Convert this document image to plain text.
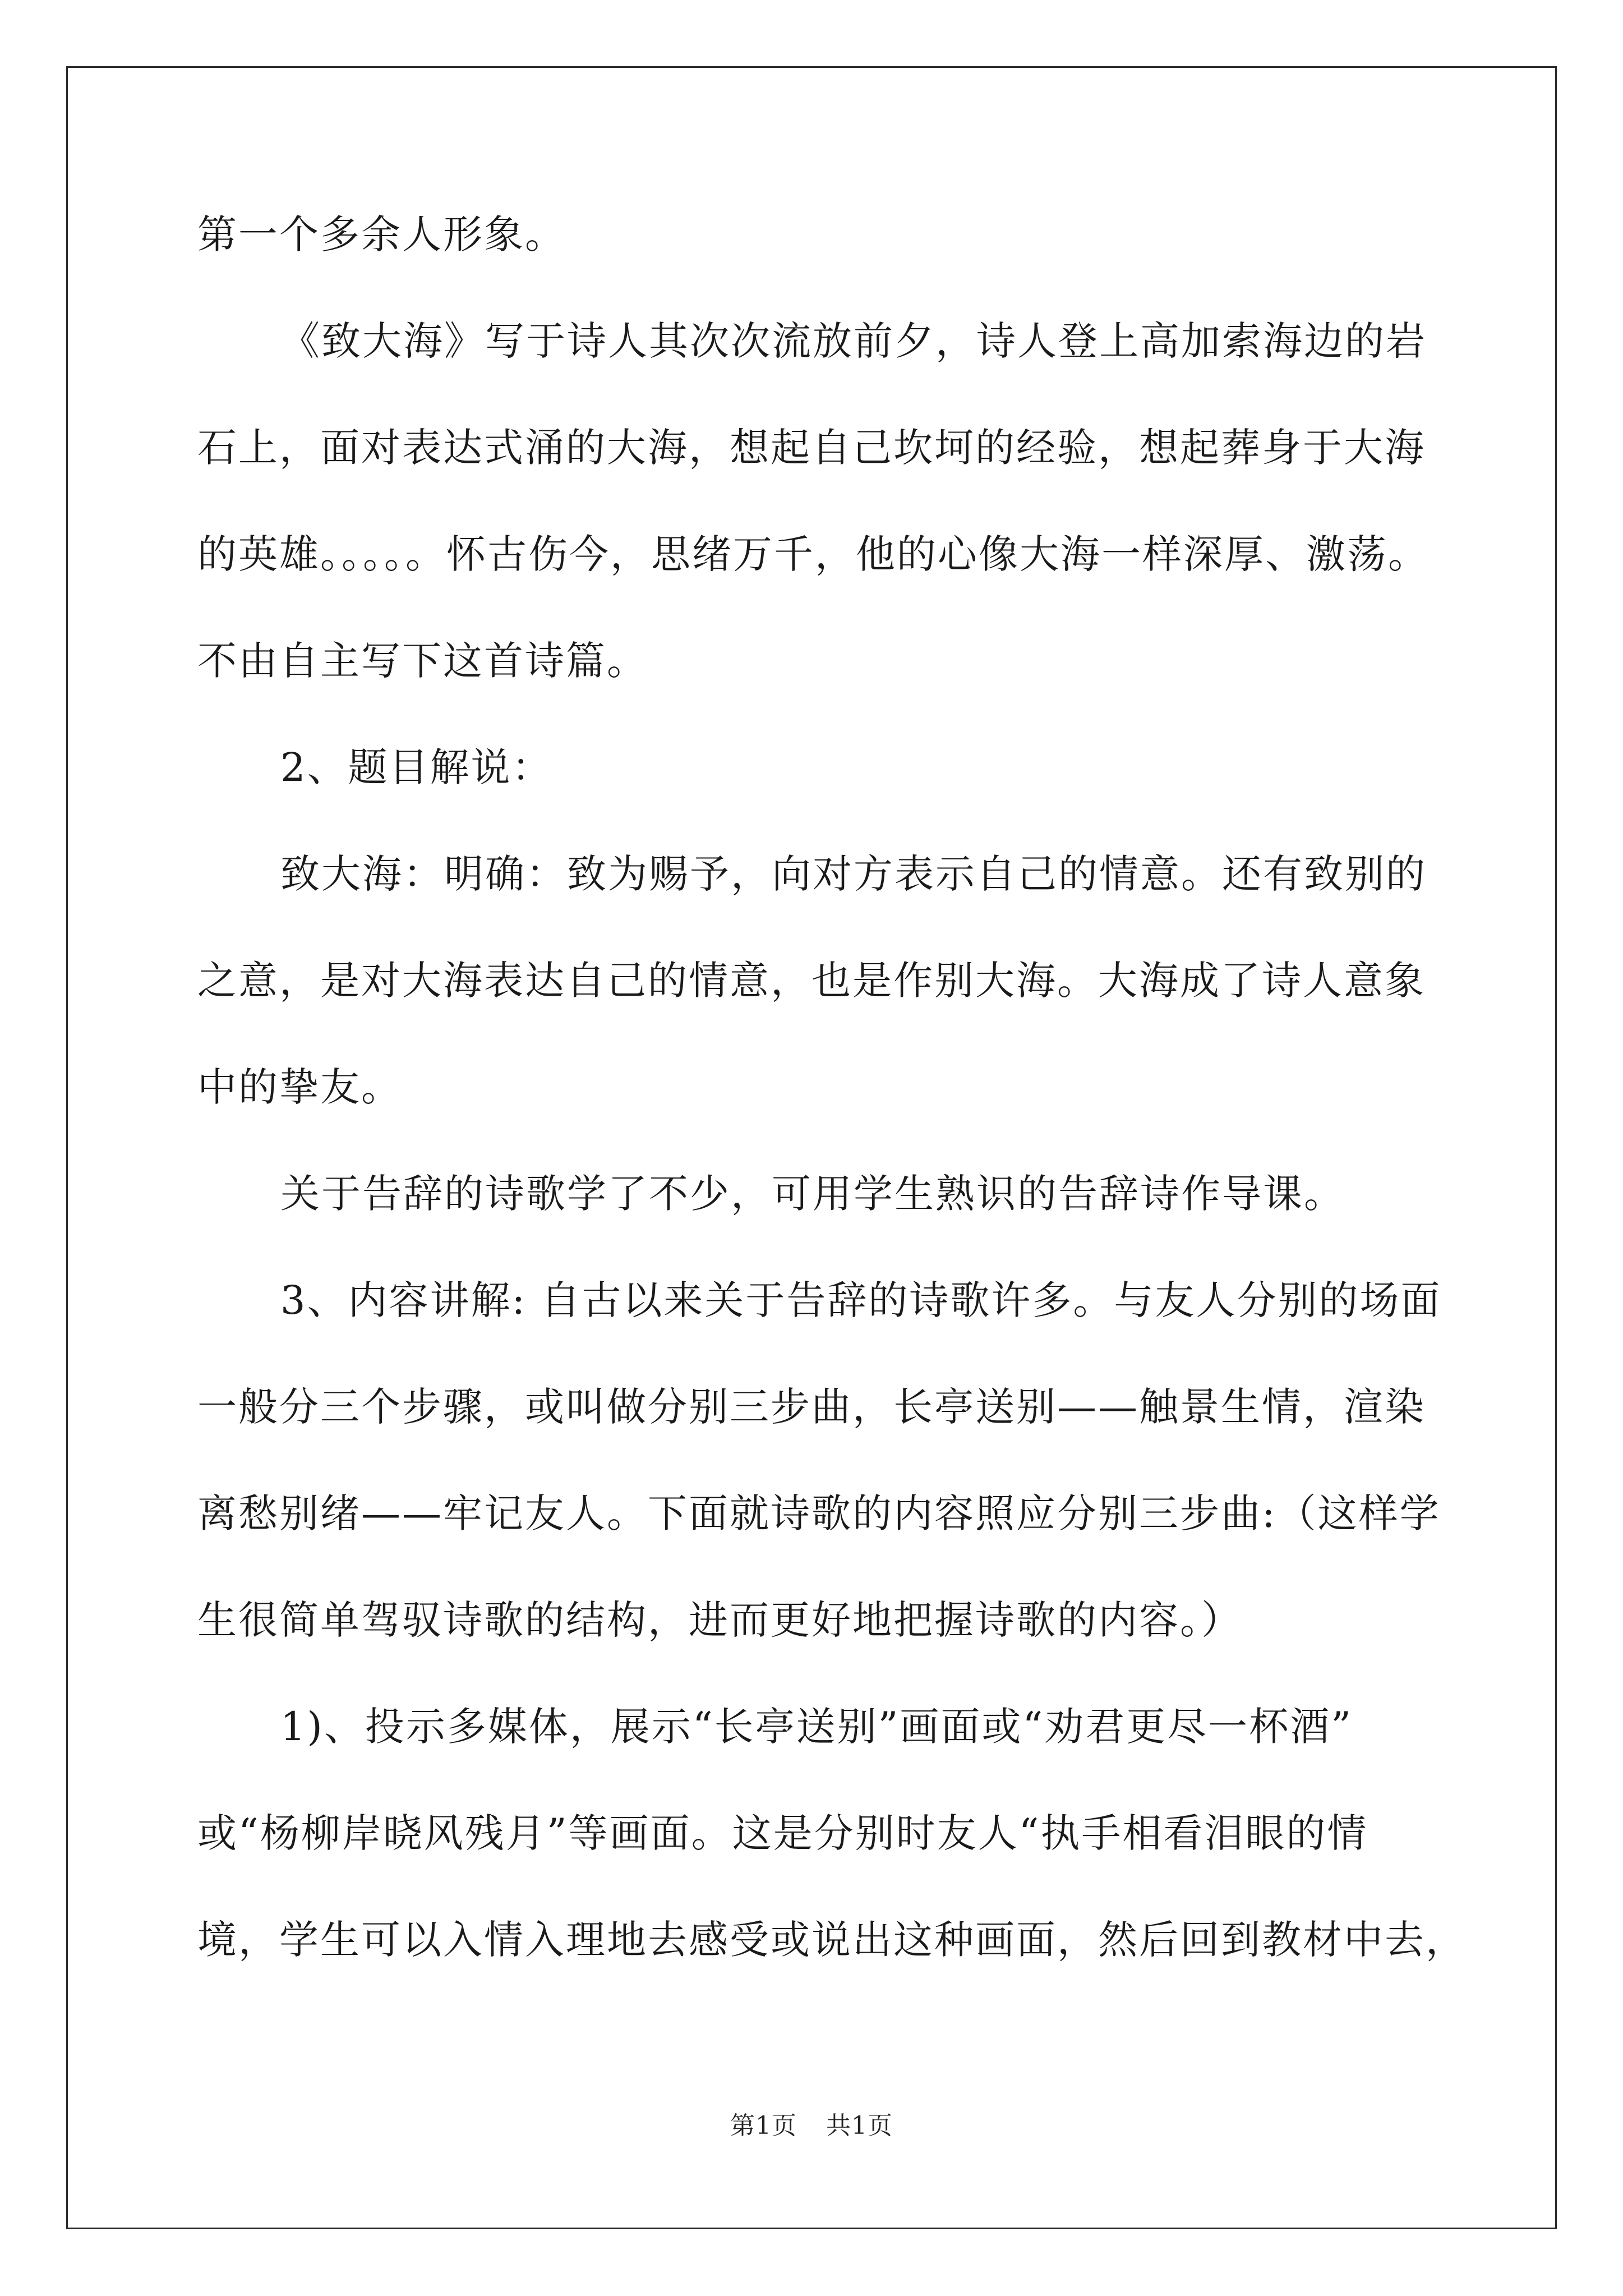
第一个多余人形象。

《致大海》写于诗人其次次流放前夕，诗人登上高加索海边的岩

石上，面对表达式涌的大海，想起自己坎坷的经验，想起葬身于大海

的英雄。。。。。怀古伤今，思绪万千，他的心像大海一样深厚、激荡。

不由自主写下这首诗篇。

2、题目解说：

致大海：明确：致为赐予，向对方表示自己的情意。还有致别的

之意，是对大海表达自己的情意，也是作别大海。大海成了诗人意象

中的挚友。

关于告辞的诗歌学了不少，可用学生熟识的告辞诗作导课。

3、内容讲解: 自古以来关于告辞的诗歌许多。与友人分别的场面

一般分三个步骤，或叫做分别三步曲，长亭送别——触景生情，渲染

离愁别绪——牢记友人。下面就诗歌的内容照应分别三步曲:（这样学

生很简单驾驭诗歌的结构，进而更好地把握诗歌的内容。）

1)、投示多媒体，展示“长亭送别”画面或“劝君更尽一杯酒”

或“杨柳岸晓风残月”等画面。这是分别时友人“执手相看泪眼的情

境，学生可以入情入理地去感受或说出这种画面，然后回到教材中去，

第1页 共1页
